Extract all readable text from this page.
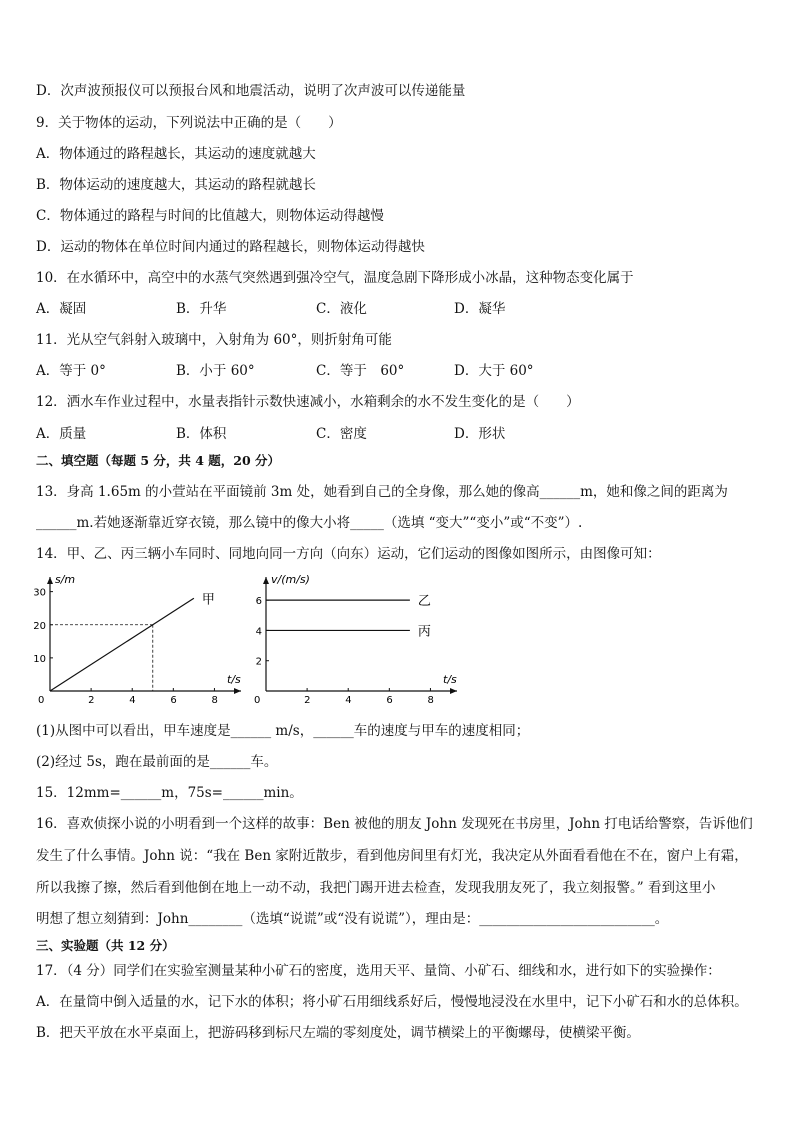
D．次声波预报仪可以预报台风和地震活动，说明了次声波可以传递能量
9．关于物体的运动，下列说法中正确的是（　　）
A．物体通过的路程越长，其运动的速度就越大
B．物体运动的速度越大，其运动的路程就越长
C．物体通过的路程与时间的比值越大，则物体运动得越慢
D．运动的物体在单位时间内通过的路程越长，则物体运动得越快
10．在水循环中，高空中的水蒸气突然遇到强冷空气，温度急剧下降形成小冰晶，这种物态变化属于
A．凝固	B．升华	C．液化	D．凝华
11．光从空气斜射入玻璃中，入射角为 60°，则折射角可能
A．等于 0°	B．小于 60°	C．等于　60°	D．大于 60°
12．洒水车作业过程中，水量表指针示数快速减小，水箱剩余的水不发生变化的是（　　）
A．质量	B．体积	C．密度	D．形状
二、填空题（每题 5 分，共 4 题，20 分）
13．身高 1.65m 的小萱站在平面镜前 3m 处，她看到自己的全身像，那么她的像高______m，她和像之间的距离为
______m.若她逐渐靠近穿衣镜，那么镜中的像大小将_____（选填 “变大”“变小”或“不变”）.
14．甲、乙、丙三辆小车同时、同地向同一方向（向东）运动，它们运动的图像如图所示，由图像可知：
s/m
t/s
0	2	4	6	8
10
20
30	甲
v/(m/s)
t/s
0	2	4	6	8
2
4
6	乙
丙
(1)从图中可以看出，甲车速度是______ m/s，______车的速度与甲车的速度相同；
(2)经过 5s，跑在最前面的是______车。
15．12mm=______m，75s=______min。
16．喜欢侦探小说的小明看到一个这样的故事：Ben 被他的朋友 John 发现死在书房里，John 打电话给警察，告诉他们
发生了什么事情。John 说：“我在 Ben 家附近散步，看到他房间里有灯光，我决定从外面看看他在不在，窗户上有霜，
所以我擦了擦，然后看到他倒在地上一动不动，我把门踢开进去检查，发现我朋友死了，我立刻报警。” 看到这里小
明想了想立刻猜到：John________（选填“说谎”或“没有说谎”），理由是：__________________________。
三、实验题（共 12 分）
17．（4 分）同学们在实验室测量某种小矿石的密度，选用天平、量筒、小矿石、细线和水，进行如下的实验操作：
A．在量筒中倒入适量的水，记下水的体积；将小矿石用细线系好后，慢慢地浸没在水里中，记下小矿石和水的总体积。
B．把天平放在水平桌面上，把游码移到标尺左端的零刻度处，调节横梁上的平衡螺母，使横梁平衡。
